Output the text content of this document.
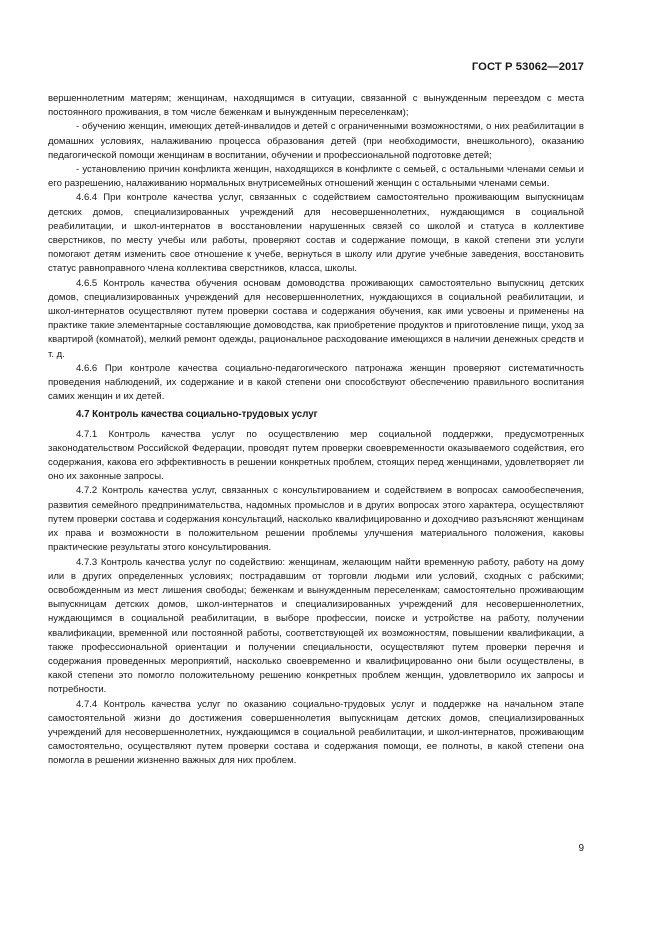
ГОСТ Р 53062—2017

вершеннолетним матерям; женщинам, находящимся в ситуации, связанной с вынужденным переездом с места постоянного проживания, в том числе беженкам и вынужденным переселенкам);

- обучению женщин, имеющих детей-инвалидов и детей с ограниченными возможностями, о них реабилитации в домашних условиях, налаживанию процесса образования детей (при необходимости, внешкольного), оказанию педагогической помощи женщинам в воспитании, обучении и профессиональной подготовке детей;

- установлению причин конфликта женщин, находящихся в конфликте с семьей, с остальными членами семьи и его разрешению, налаживанию нормальных внутрисемейных отношений женщин с остальными членами семьи.

4.6.4 При контроле качества услуг, связанных с содействием самостоятельно проживающим выпускницам детских домов, специализированных учреждений для несовершеннолетних, нуждающимся в социальной реабилитации, и школ-интернатов в восстановлении нарушенных связей со школой и статуса в коллективе сверстников, по месту учебы или работы, проверяют состав и содержание помощи, в какой степени эти услуги помогают детям изменить свое отношение к учебе, вернуться в школу или другие учебные заведения, восстановить статус равноправного члена коллектива сверстников, класса, школы.

4.6.5 Контроль качества обучения основам домоводства проживающих самостоятельно выпускниц детских домов, специализированных учреждений для несовершеннолетних, нуждающихся в социальной реабилитации, и школ-интернатов осуществляют путем проверки состава и содержания обучения, как ими усвоены и применены на практике такие элементарные составляющие домоводства, как приобретение продуктов и приготовление пищи, уход за квартирой (комнатой), мелкий ремонт одежды, рациональное расходование имеющихся в наличии денежных средств и т. д.

4.6.6 При контроле качества социально-педагогического патронажа женщин проверяют систематичность проведения наблюдений, их содержание и в какой степени они способствуют обеспечению правильного воспитания самих женщин и их детей.

4.7 Контроль качества социально-трудовых услуг

4.7.1 Контроль качества услуг по осуществлению мер социальной поддержки, предусмотренных законодательством Российской Федерации, проводят путем проверки своевременности оказываемого содействия, его содержания, какова его эффективность в решении конкретных проблем, стоящих перед женщинами, удовлетворяет ли оно их законные запросы.

4.7.2 Контроль качества услуг, связанных с консультированием и содействием в вопросах самообеспечения, развития семейного предпринимательства, надомных промыслов и в других вопросах этого характера, осуществляют путем проверки состава и содержания консультаций, насколько квалифицированно и доходчиво разъясняют женщинам их права и возможности в положительном решении проблемы улучшения материального положения, каковы практические результаты этого консультирования.

4.7.3 Контроль качества услуг по содействию: женщинам, желающим найти временную работу, работу на дому или в других определенных условиях; пострадавшим от торговли людьми или условий, сходных с рабскими; освобожденным из мест лишения свободы; беженкам и вынужденным переселенкам; самостоятельно проживающим выпускницам детских домов, школ-интернатов и специализированных учреждений для несовершеннолетних, нуждающимся в социальной реабилитации, в выборе профессии, поиске и устройстве на работу, получении квалификации, временной или постоянной работы, соответствующей их возможностям, повышении квалификации, а также профессиональной ориентации и получении специальности, осуществляют путем проверки перечня и содержания проведенных мероприятий, насколько своевременно и квалифицированно они были осуществлены, в какой степени это помогло положительному решению конкретных проблем женщин, удовлетворило их запросы и потребности.

4.7.4 Контроль качества услуг по оказанию социально-трудовых услуг и поддержке на начальном этапе самостоятельной жизни до достижения совершеннолетия выпускницам детских домов, специализированных учреждений для несовершеннолетних, нуждающимся в социальной реабилитации, и школ-интернатов, проживающим самостоятельно, осуществляют путем проверки состава и содержания помощи, ее полноты, в какой степени она помогла в решении жизненно важных для них проблем.

9
